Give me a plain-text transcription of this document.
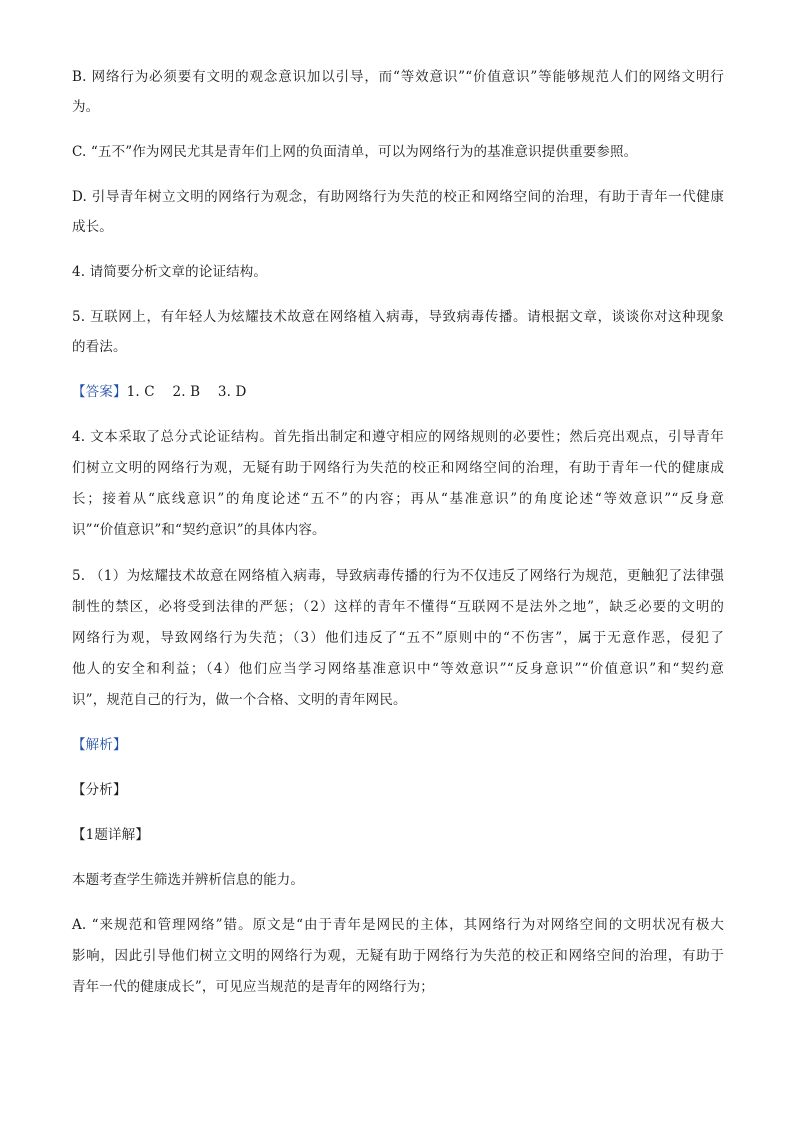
B. 网络行为必须要有文明的观念意识加以引导，而“等效意识”“价值意识”等能够规范人们的网络文明行
为。
C. “五不”作为网民尤其是青年们上网的负面清单，可以为网络行为的基准意识提供重要参照。
D. 引导青年树立文明的网络行为观念，有助网络行为失范的校正和网络空间的治理，有助于青年一代健康
成长。
4. 请简要分析文章的论证结构。
5. 互联网上，有年轻人为炫耀技术故意在网络植入病毒，导致病毒传播。请根据文章，谈谈你对这种现象
的看法。
【答案】1. C    2. B    3. D
4. 文本采取了总分式论证结构。首先指出制定和遵守相应的网络规则的必要性；然后亮出观点，引导青年
们树立文明的网络行为观，无疑有助于网络行为失范的校正和网络空间的治理，有助于青年一代的健康成
长；接着从“底线意识”的角度论述“五不”的内容；再从“基准意识”的角度论述“等效意识”“反身意
识”“价值意识”和“契约意识”的具体内容。
5. （1）为炫耀技术故意在网络植入病毒，导致病毒传播的行为不仅违反了网络行为规范，更触犯了法律强
制性的禁区，必将受到法律的严惩；（2）这样的青年不懂得“互联网不是法外之地”，缺乏必要的文明的
网络行为观，导致网络行为失范；（3）他们违反了“五不”原则中的“不伤害”，属于无意作恶，侵犯了
他人的安全和利益；（4）他们应当学习网络基准意识中“等效意识”“反身意识”“价值意识”和“契约意
识”，规范自己的行为，做一个合格、文明的青年网民。
【解析】
【分析】
【1题详解】
本题考查学生筛选并辨析信息的能力。
A. “来规范和管理网络”错。原文是“由于青年是网民的主体，其网络行为对网络空间的文明状况有极大
影响，因此引导他们树立文明的网络行为观，无疑有助于网络行为失范的校正和网络空间的治理，有助于
青年一代的健康成长”，可见应当规范的是青年的网络行为；
